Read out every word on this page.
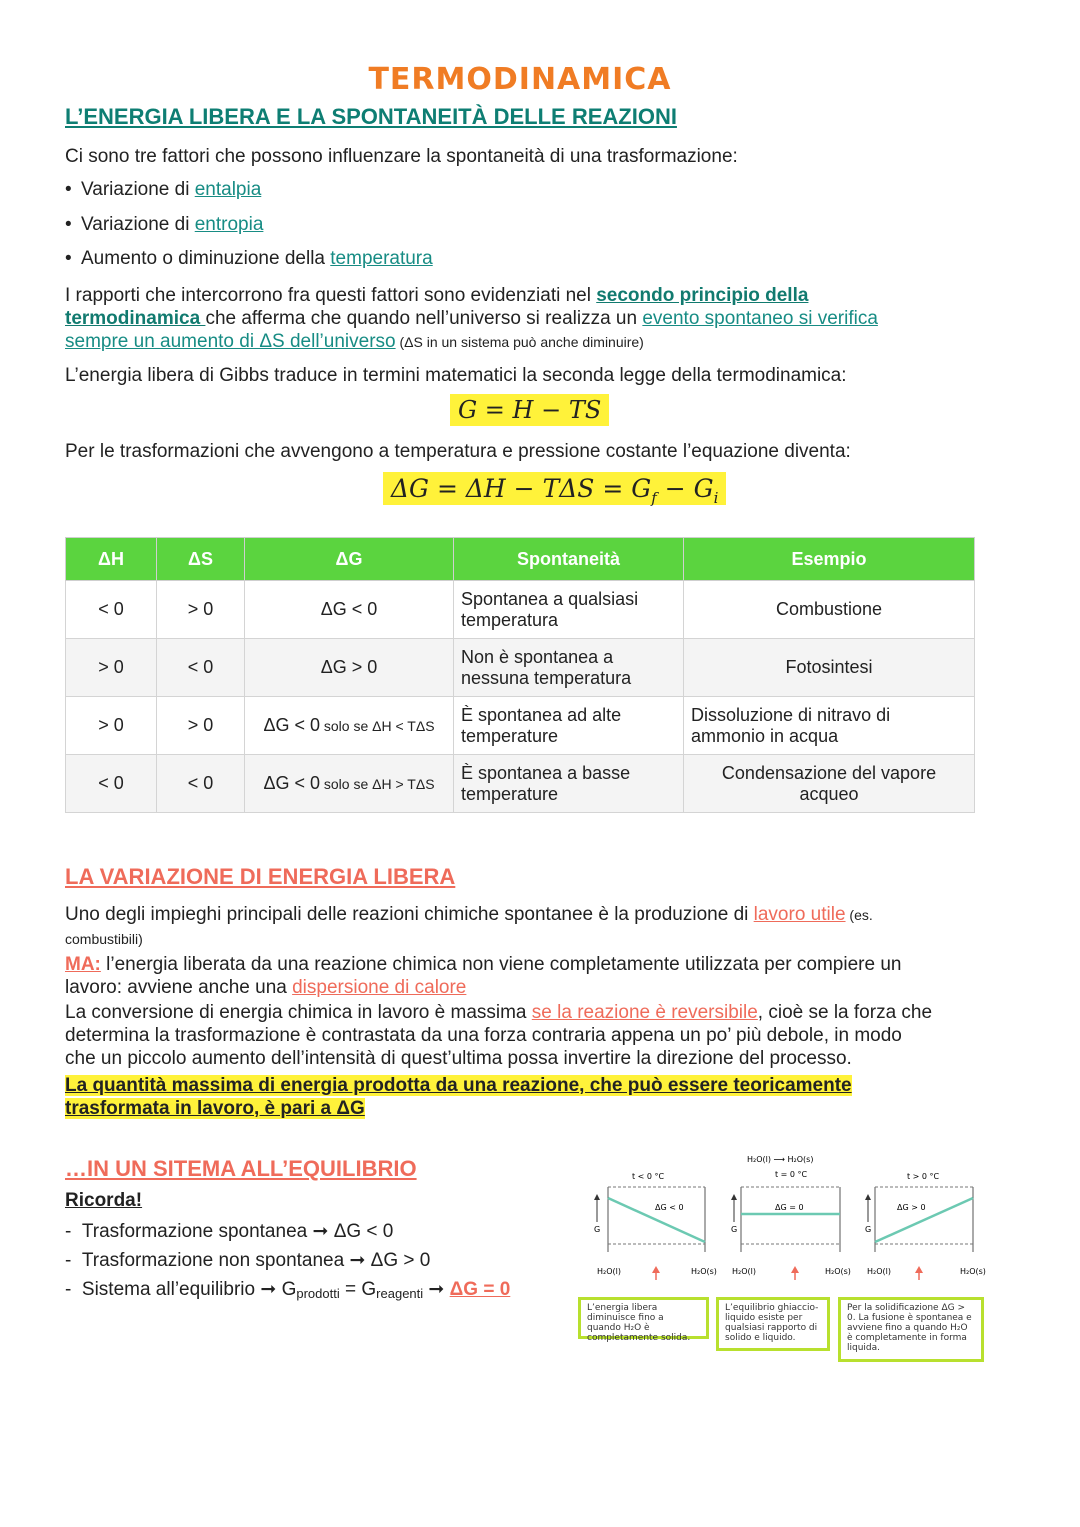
TERMODINAMICA
L’ENERGIA LIBERA E LA SPONTANEITÀ DELLE REAZIONI
Ci sono tre fattori che possono influenzare la spontaneità di una trasformazione:
• Variazione di entalpia
• Variazione di entropia
• Aumento o diminuzione della temperatura
I rapporti che intercorrono fra questi fattori sono evidenziati nel secondo principio della
termodinamica che afferma che quando nell’universo si realizza un evento spontaneo si verifica
sempre un aumento di ΔS dell’universo (ΔS in un sistema può anche diminuire)
L’energia libera di Gibbs traduce in termini matematici la seconda legge della termodinamica:
G = H − TS
Per le trasformazioni che avvengono a temperatura e pressione costante l’equazione diventa:
$\Delta G = \Delta H - T\Delta S = G_f - G_i$
ΔH	ΔS	ΔG	Spontaneità	Esempio
< 0	> 0	ΔG < 0	Spontanea a qualsiasi temperatura	Combustione
> 0	< 0	ΔG > 0	Non è spontanea a nessuna temperatura	Fotosintesi
> 0	> 0	ΔG < 0 solo se ΔH < TΔS	È spontanea ad alte temperature	Dissoluzione di nitravo di ammonio in acqua
< 0	< 0	ΔG < 0 solo se ΔH > TΔS	È spontanea a basse temperature	Condensazione del vapore acqueo
LA VARIAZIONE DI ENERGIA LIBERA
Uno degli impieghi principali delle reazioni chimiche spontanee è la produzione di lavoro utile (es.
combustibili)
MA: l’energia liberata da una reazione chimica non viene completamente utilizzata per compiere un
lavoro: avviene anche una dispersione di calore
La conversione di energia chimica in lavoro è massima se la reazione è reversibile, cioè se la forza che
determina la trasformazione è contrastata da una forza contraria appena un po’ più debole, in modo
che un piccolo aumento dell’intensità di quest’ultima possa invertire la direzione del processo.
La quantità massima di energia prodotta da una reazione, che può essere teoricamente
trasformata in lavoro, è pari a ΔG
…IN UN SITEMA ALL’EQUILIBRIO
Ricorda!
-  Trasformazione spontanea ➞ ΔG < 0
-  Trasformazione non spontanea ➞ ΔG > 0
-  Sistema all’equilibrio ➞ $G_{prodotti} = G_{reagenti}$ ➞ ΔG = 0
t < 0 °C
ΔG < 0
G
H₂O(l)	H₂O(s)
H₂O(l) ⟶ H₂O(s)
t = 0 °C
ΔG = 0
G
H₂O(l)	H₂O(s)
t > 0 °C
ΔG > 0
G
H₂O(l)	H₂O(s)
L’energia libera diminuisce fino a quando H₂O è completamente solida.
L’equilibrio ghiaccio-liquido esiste per qualsiasi rapporto di solido e liquido.
Per la solidificazione ΔG > 0. La fusione è spontanea e avviene fino a quando H₂O è completamente in forma liquida.
